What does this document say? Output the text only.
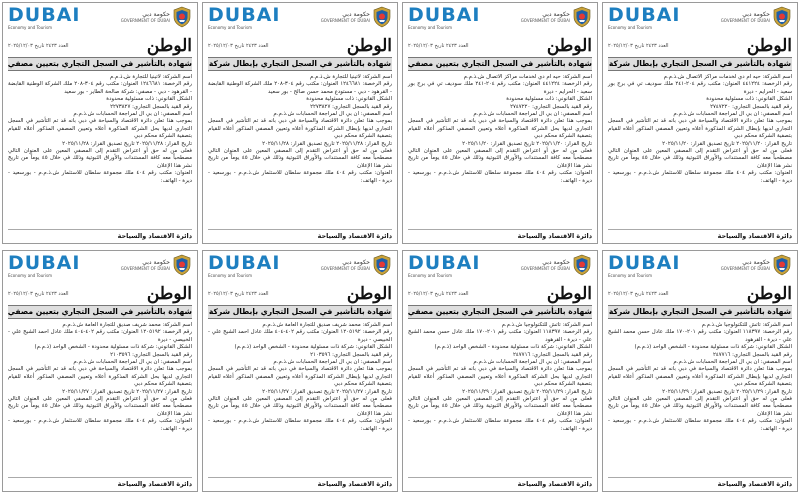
DUBAI
Economy and Tourism
حكومة دبي
GOVERNMENT OF DUBAI
الوطن
العدد ٢٤٢٣ تاريخ ٢٠٢٥/١٢/٠٣
شهادة بالتأشير في السجل التجاري بتعيين مصفي

اسم الشركة: لاتينيا للتجارة ش.ذ.م.م

رقم الرخصة: ١٢٤٦٦٨١ العنوان: مكتب رقم ٣٠٤-٢٠٨ ملك الشركة الوطنية القابضة - القرهود - دبي - مصفي: شركة صالحة الطاير - بور سعيد

الشكل القانوني: ذات مسئولية محدودة

رقم القيد بالسجل التجاري: ٢٢٧٣٨٢٧

اسم المصفي: ان بي ال لمراجعة الحسابات ش.ذ.م.م

بموجب هذا تعلن دائرة الاقتصاد والسياحة في دبي بانه قد تم التأشير في السجل التجاري لديها بحل الشركة المذكورة أعلاه وتعيين المصفي المذكور أعلاه للقيام بتصفية الشركة محكم دبي

تاريخ القرار: ٢٠٢٥/١١/٢٨ تاريخ تصديق القرار: ٢٠٢٥/١١/٢٨

فعلى من له حق أو اعتراض التقدم إلى المصفي المعين على العنوان التالي مصطحباً معه كافة المستندات والأوراق الثبوتية وذلك في خلال ٤٥ يوماً من تاريخ نشر هذا الإعلان

العنوان: مكتب رقم ٤٠٤ ملك مجموعة سلطان للاستثمار ش.ذ.م.م - بورسعيد - ديرة - الهاتف:

دائرة الاقتصاد والسياحة
DUBAI
Economy and Tourism
حكومة دبي
GOVERNMENT OF DUBAI
الوطن
العدد ٢٤٢٣ تاريخ ٢٠٢٥/١٢/٠٣
شهادة بالتأشير في السجل التجاري بإبطال شركة

اسم الشركة: لاتينيا للتجارة ش.ذ.م.م

رقم الرخصة: ١٢٤٦٦٨١ العنوان: مكتب رقم ٣٠٤-٢٠٨ ملك الشركة الوطنية القابضة - القرهود - دبي - مستودع محمد حسن صالح - بور سعيد

الشكل القانوني: ذات مسئولية محدودة

رقم القيد بالسجل التجاري: ٢٢٧٣٨٢٧

اسم المصفي: ان بي ال لمراجعة الحسابات ش.ذ.م.م

بموجب هذا تعلن دائرة الاقتصاد والسياحة في دبي بانه قد تم التأشير في السجل التجاري لديها بإبطال الشركة المذكورة أعلاه وتعيين المصفي المذكور أعلاه للقيام بتصفية الشركة محكم دبي

تاريخ القرار: ٢٠٢٥/١١/٢٨ تاريخ تصديق القرار: ٢٠٢٥/١١/٢٨

فعلى من له حق أو اعتراض التقدم إلى المصفي المعين على العنوان التالي مصطحباً معه كافة المستندات والأوراق الثبوتية وذلك في خلال ٤٥ يوماً من تاريخ نشر هذا الإعلان

العنوان: مكتب رقم ٤٠٤ ملك مجموعة سلطان للاستثمار ش.ذ.م.م - بورسعيد - ديرة - الهاتف:

دائرة الاقتصاد والسياحة
DUBAI
Economy and Tourism
حكومة دبي
GOVERNMENT OF DUBAI
الوطن
العدد ٢٤٢٣ تاريخ ٢٠٢٥/١٢/٠٣
شهادة بالتأشير في السجل التجاري بتعيين مصفي

اسم الشركة: حيه ام دي لخدمات مراكز الاتصال ش.ذ.م.م

رقم الرخصة: ٤٤١٢٢٤ العنوان: مكتب رقم ٢٠٤-٢٤١ ملك سوديف تي في برج بور سعيد - الحرايم - ديرة

الشكل القانوني: ذات مسئولية محدودة

رقم القيد بالسجل التجاري: ٢٧٤٧٢٢٠

اسم المصفي: ان بي ال لمراجعة الحسابات ش.ذ.م.م

بموجب هذا تعلن دائرة الاقتصاد والسياحة في دبي بانه قد تم التأشير في السجل التجاري لديها بحل الشركة المذكورة أعلاه وتعيين المصفي المذكور أعلاه للقيام بتصفية الشركة محكم دبي

تاريخ القرار: ٢٠٢٥/١١/٢٠ تاريخ تصديق القرار: ٢٠٢٥/١١/٢٠

فعلى من له حق أو اعتراض التقدم إلى المصفي المعين على العنوان التالي مصطحباً معه كافة المستندات والأوراق الثبوتية وذلك في خلال ٤٥ يوماً من تاريخ نشر هذا الإعلان

العنوان: مكتب رقم ٤٠٤ ملك مجموعة سلطان للاستثمار ش.ذ.م.م - بورسعيد - ديرة - الهاتف:

دائرة الاقتصاد والسياحة
DUBAI
Economy and Tourism
حكومة دبي
GOVERNMENT OF DUBAI
الوطن
العدد ٢٤٢٣ تاريخ ٢٠٢٥/١٢/٠٣
شهادة بالتأشير في السجل التجاري بإبطال شركة

اسم الشركة: حيه ام دي لخدمات مراكز الاتصال ش.ذ.م.م

رقم الرخصة: ٤٤١٢٢٤ العنوان: مكتب رقم ٢٠٤-٢٤١ ملك سوديف تي في برج بور سعيد - الحرايم - ديرة

الشكل القانوني: ذات مسئولية محدودة

رقم القيد بالسجل التجاري: ٢٧٤٧٢٢٠

اسم المصفي: ان بي ال لمراجعة الحسابات ش.ذ.م.م

بموجب هذا تعلن دائرة الاقتصاد والسياحة في دبي بانه قد تم التأشير في السجل التجاري لديها بإبطال الشركة المذكورة أعلاه وتعيين المصفي المذكور أعلاه للقيام بتصفية الشركة محكم دبي

تاريخ القرار: ٢٠٢٥/١١/٢٠ تاريخ تصديق القرار: ٢٠٢٥/١١/٢٠

فعلى من له حق أو اعتراض التقدم إلى المصفي المعين على العنوان التالي مصطحباً معه كافة المستندات والأوراق الثبوتية وذلك في خلال ٤٥ يوماً من تاريخ نشر هذا الإعلان

العنوان: مكتب رقم ٤٠٤ ملك مجموعة سلطان للاستثمار ش.ذ.م.م - بورسعيد - ديرة - الهاتف:

دائرة الاقتصاد والسياحة
DUBAI
Economy and Tourism
حكومة دبي
GOVERNMENT OF DUBAI
الوطن
العدد ٢٤٢٣ تاريخ ٢٠٢٥/١٢/٠٣
شهادة بالتأشير في السجل التجاري بتعيين مصفي

اسم الشركة: محمد شريف صديق للتجارة العامة ش.ذ.م.م

رقم الرخصة: ١٢٠٥١٩٢ العنوان: مكتب رقم ٤٠٢-٤٠٤ ملك عادل احمد الشيخ علي - الخبيصي - ديرة

الشكل القانوني: شركة ذات مسئولية محدودة - الشخص الواحد (ذ.م.م)

رقم القيد بالسجل التجاري: ٢١٠٣٥٩٦

اسم المصفي: ان بي ال لمراجعة الحسابات ش.ذ.م.م

بموجب هذا تعلن دائرة الاقتصاد والسياحة في دبي بانه قد تم التأشير في السجل التجاري لديها بحل الشركة المذكورة أعلاه وتعيين المصفي المذكور أعلاه للقيام بتصفية الشركة محكم دبي

تاريخ القرار: ٢٠٢٥/١١/٢٧ تاريخ تصديق القرار: ٢٠٢٥/١١/٢٧

فعلى من له حق أو اعتراض التقدم إلى المصفي المعين على العنوان التالي مصطحباً معه كافة المستندات والأوراق الثبوتية وذلك في خلال ٤٥ يوماً من تاريخ نشر هذا الإعلان

العنوان: مكتب رقم ٤٠٤ ملك مجموعة سلطان للاستثمار ش.ذ.م.م - بورسعيد - ديرة - الهاتف:

دائرة الاقتصاد والسياحة
DUBAI
Economy and Tourism
حكومة دبي
GOVERNMENT OF DUBAI
الوطن
العدد ٢٤٢٣ تاريخ ٢٠٢٥/١٢/٠٣
شهادة بالتأشير في السجل التجاري بإبطال شركة

اسم الشركة: محمد شريف صديق للتجارة العامة ش.ذ.م.م

رقم الرخصة: ١٢٠٥١٩٢ العنوان: مكتب رقم ٤٠٢-٤٠٤ ملك عادل احمد الشيخ علي - الخبيصي - ديرة

الشكل القانوني: شركة ذات مسئولية محدودة - الشخص الواحد (ذ.م.م)

رقم القيد بالسجل التجاري: ٢١٠٣٥٩٦

اسم المصفي: ان بي ال لمراجعة الحسابات ش.ذ.م.م

بموجب هذا تعلن دائرة الاقتصاد والسياحة في دبي بانه قد تم التأشير في السجل التجاري لديها بإبطال الشركة المذكورة أعلاه وتعيين المصفي المذكور أعلاه للقيام بتصفية الشركة محكم دبي

تاريخ القرار: ٢٠٢٥/١١/٢٧ تاريخ تصديق القرار: ٢٠٢٥/١١/٢٧

فعلى من له حق أو اعتراض التقدم إلى المصفي المعين على العنوان التالي مصطحباً معه كافة المستندات والأوراق الثبوتية وذلك في خلال ٤٥ يوماً من تاريخ نشر هذا الإعلان

العنوان: مكتب رقم ٤٠٤ ملك مجموعة سلطان للاستثمار ش.ذ.م.م - بورسعيد - ديرة - الهاتف:

دائرة الاقتصاد والسياحة
DUBAI
Economy and Tourism
حكومة دبي
GOVERNMENT OF DUBAI
الوطن
العدد ٢٤٢٣ تاريخ ٢٠٢٥/١٢/٠٣
شهادة بالتأشير في السجل التجاري بتعيين مصفي

اسم الشركة: تاتش للتكنولوجيا ش.ذ.م.م

رقم الرخصة: ١١٨٣٩٧ العنوان: مكتب رقم ٢٠١-١٧٠ ملك عادل حسن محمد الشيخ علي - ديرة - القرهود

الشكل القانوني: شركة ذات مسئولية محدودة - الشخص الواحد (ذ.م.م)

رقم القيد بالسجل التجاري: ٢٤٧٧١٦

اسم المصفي: ان بي ال لمراجعة الحسابات ش.ذ.م.م

بموجب هذا تعلن دائرة الاقتصاد والسياحة في دبي بانه قد تم التأشير في السجل التجاري لديها بحل الشركة المذكورة أعلاه وتعيين المصفي المذكور أعلاه للقيام بتصفية الشركة محكم دبي

تاريخ القرار: ٢٠٢٥/١١/٢٩ تاريخ تصديق القرار: ٢٠٢٥/١١/٢٩

فعلى من له حق أو اعتراض التقدم إلى المصفي المعين على العنوان التالي مصطحباً معه كافة المستندات والأوراق الثبوتية وذلك في خلال ٤٥ يوماً من تاريخ نشر هذا الإعلان

العنوان: مكتب رقم ٤٠٤ ملك مجموعة سلطان للاستثمار ش.ذ.م.م - بورسعيد - ديرة - الهاتف:

دائرة الاقتصاد والسياحة
DUBAI
Economy and Tourism
حكومة دبي
GOVERNMENT OF DUBAI
الوطن
العدد ٢٤٢٣ تاريخ ٢٠٢٥/١٢/٠٣
شهادة بالتأشير في السجل التجاري بإبطال شركة

اسم الشركة: تاتش للتكنولوجيا ش.ذ.م.م

رقم الرخصة: ١١٨٣٩٧ العنوان: مكتب رقم ٢٠١-١٧٠ ملك عادل حسن محمد الشيخ علي - ديرة - القرهود

الشكل القانوني: شركة ذات مسئولية محدودة - الشخص الواحد (ذ.م.م)

رقم القيد بالسجل التجاري: ٢٤٧٧١٦

اسم المصفي: ان بي ال لمراجعة الحسابات ش.ذ.م.م

بموجب هذا تعلن دائرة الاقتصاد والسياحة في دبي بانه قد تم التأشير في السجل التجاري لديها بإبطال الشركة المذكورة أعلاه وتعيين المصفي المذكور أعلاه للقيام بتصفية الشركة محكم دبي

تاريخ القرار: ٢٠٢٥/١١/٢٩ تاريخ تصديق القرار: ٢٠٢٥/١١/٢٩

فعلى من له حق أو اعتراض التقدم إلى المصفي المعين على العنوان التالي مصطحباً معه كافة المستندات والأوراق الثبوتية وذلك في خلال ٤٥ يوماً من تاريخ نشر هذا الإعلان

العنوان: مكتب رقم ٤٠٤ ملك مجموعة سلطان للاستثمار ش.ذ.م.م - بورسعيد - ديرة - الهاتف:

دائرة الاقتصاد والسياحة
